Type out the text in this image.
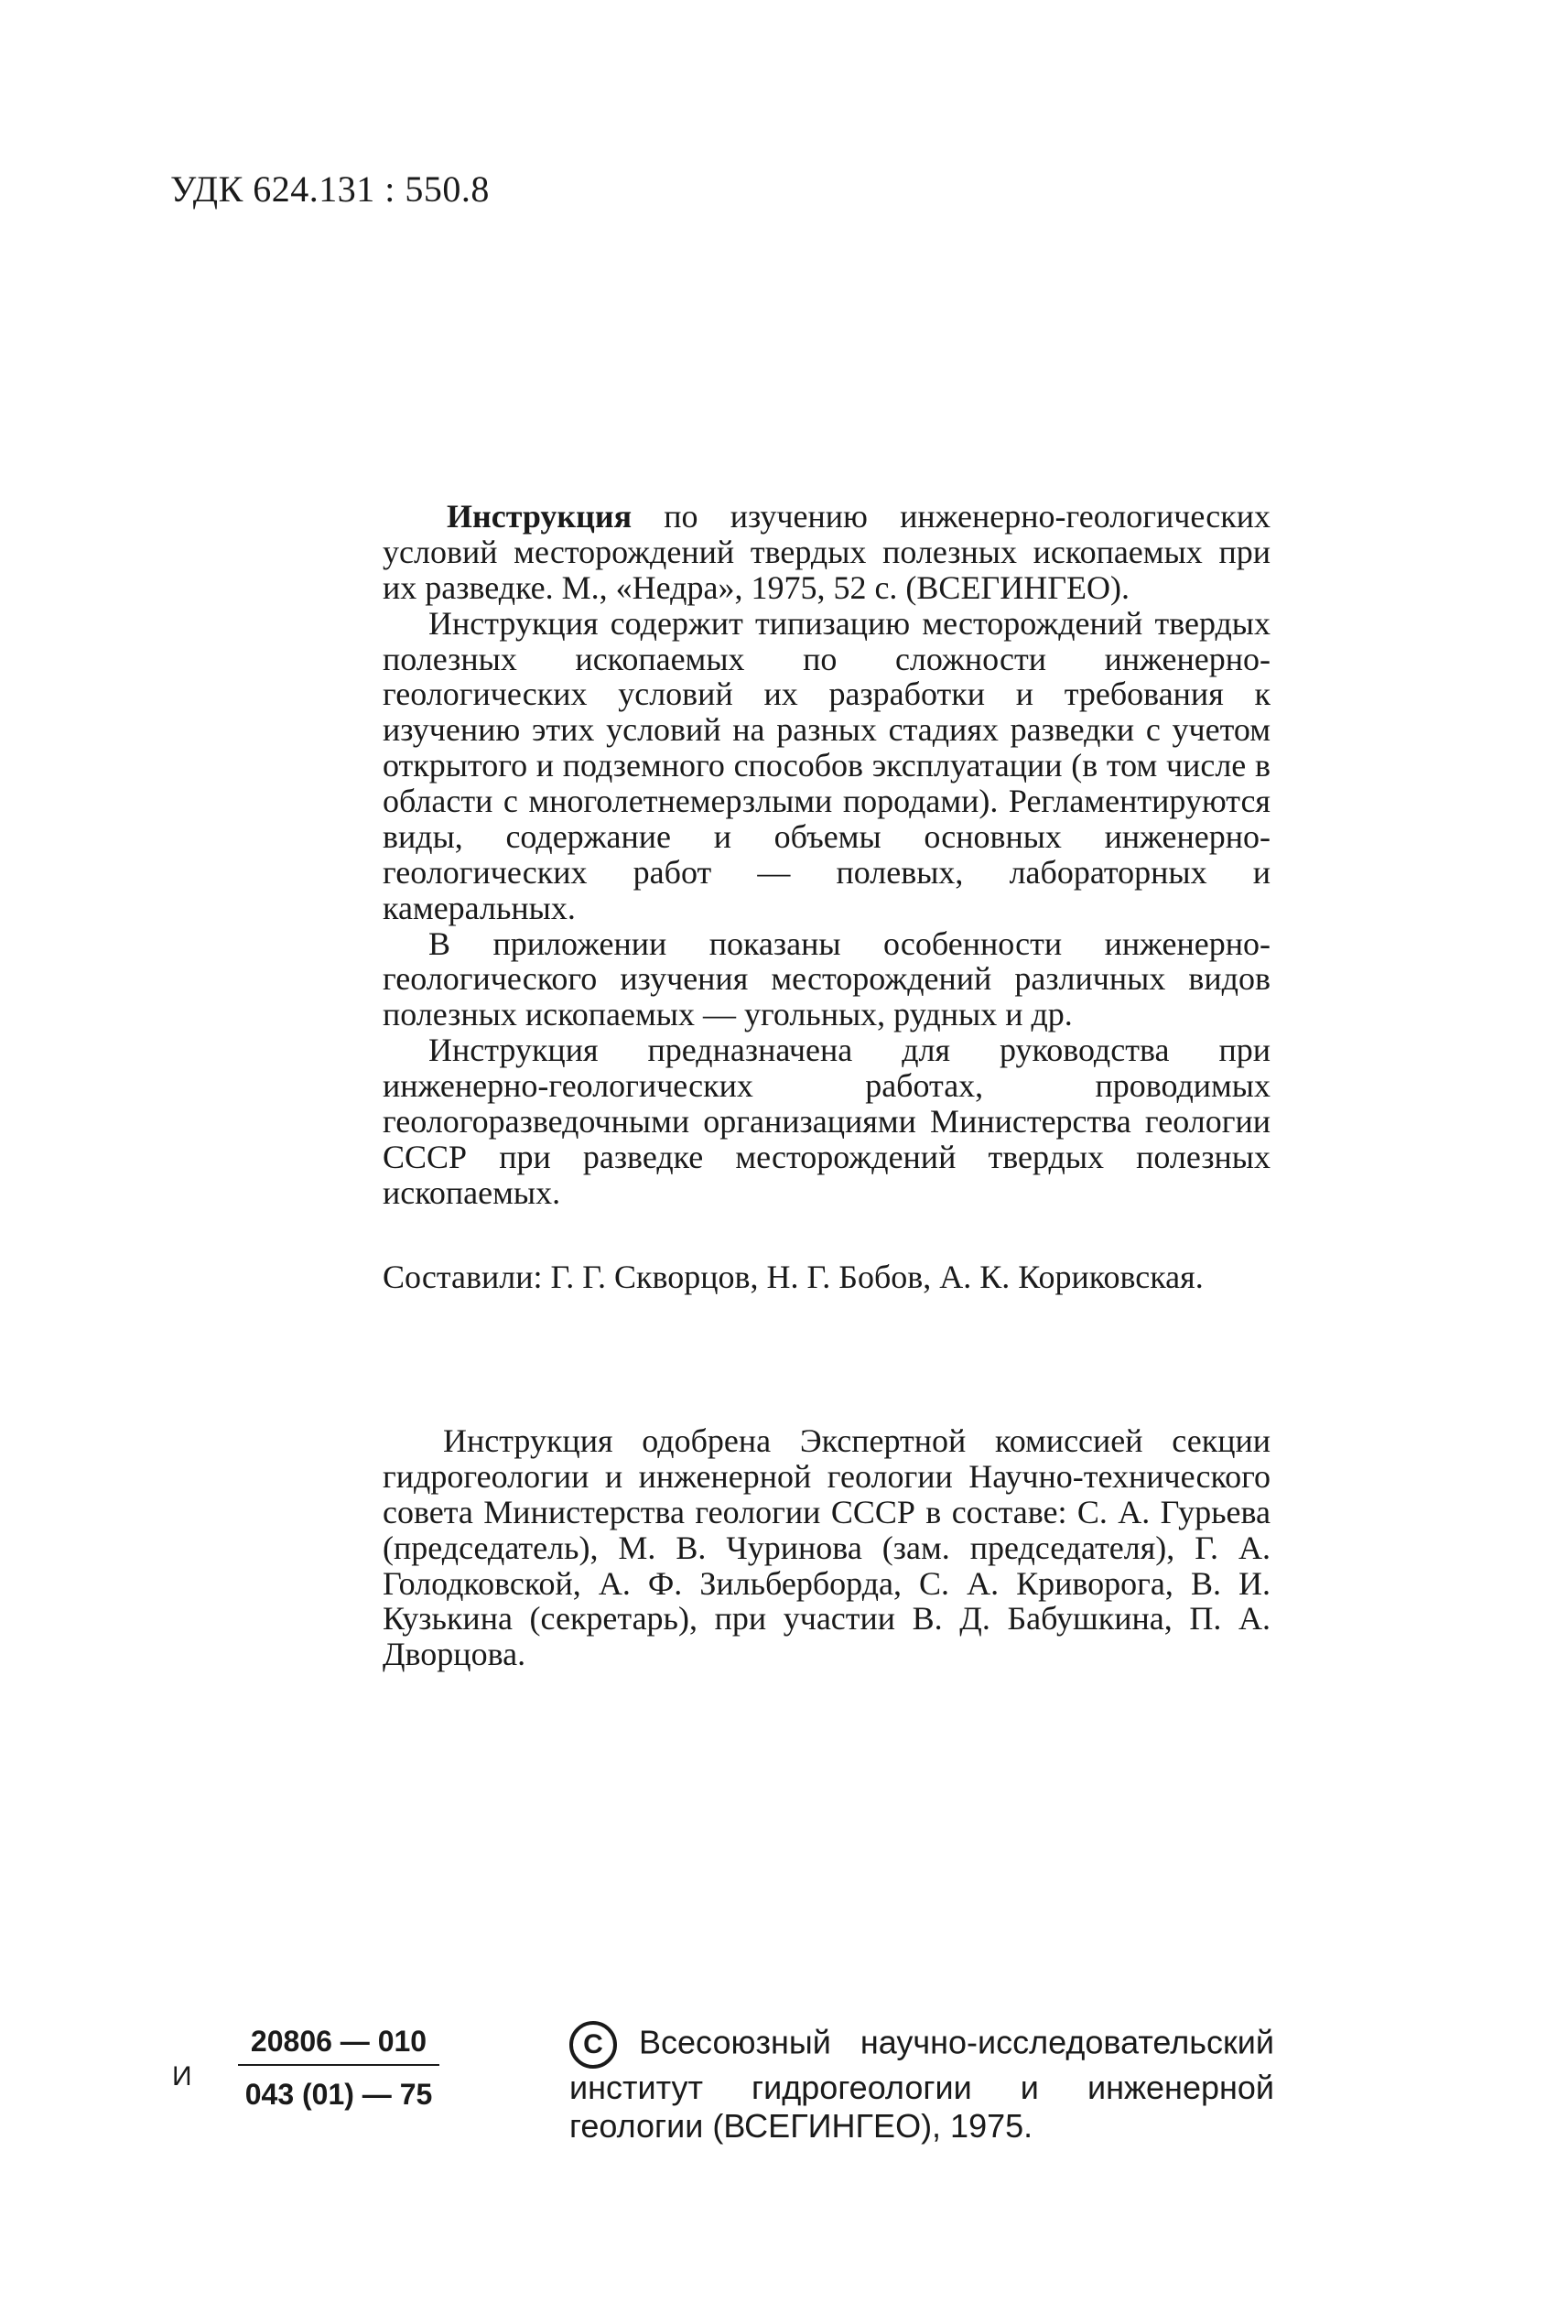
УДК 624.131 : 550.8

Инструкция по изучению инженерно-геологических условий месторождений твердых полезных ископаемых при их разведке. М., «Недра», 1975, 52 с. (ВСЕГИНГЕО).

Инструкция содержит типизацию месторождений твердых полезных ископаемых по сложности инженерно-геологических условий их разработки и требования к изучению этих условий на разных стадиях разведки с учетом открытого и подземного способов эксплуатации (в том числе в области с многолетнемерзлыми породами). Регламентируются виды, содержание и объемы основных инженерно-геологических работ — полевых, лабораторных и камеральных.

В приложении показаны особенности инженерно-геологического изучения месторождений различных видов полезных ископаемых — угольных, рудных и др.

Инструкция предназначена для руководства при инженерно-геологических работах, проводимых геологоразведочными организациями Министерства геологии СССР при разведке месторождений твердых полезных ископаемых.

Составили: Г. Г. Скворцов, Н. Г. Бобов, А. К. Кориковская.

Инструкция одобрена Экспертной комиссией секции гидрогеологии и инженерной геологии Научно-технического совета Министерства геологии СССР в составе: С. А. Гурьева (председатель), М. В. Чуринова (зам. председателя), Г. А. Голодковской, А. Ф. Зильберборда, С. А. Криворога, В. И. Кузькина (секретарь), при участии В. Д. Бабушкина, П. А. Дворцова.

И
20806 — 010
043 (01) — 75

C Всесоюзный научно-исследовательский институт гидрогеологии и инженерной геологии (ВСЕГИНГЕО), 1975.
